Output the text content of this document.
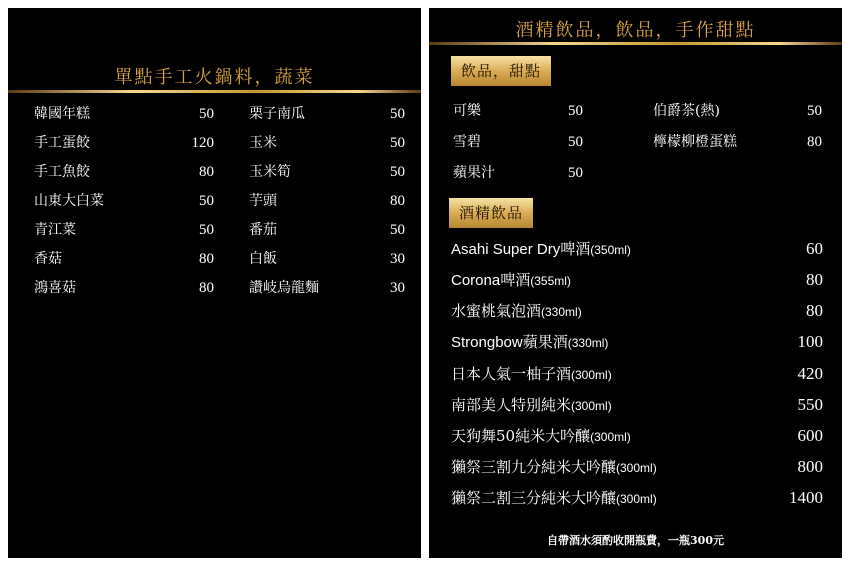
單點手工火鍋料，蔬菜
韓國年糕	50
手工蛋餃	120
手工魚餃	80
山東大白菜	50
青江菜	50
香菇	80
鴻喜菇	80
栗子南瓜	50
玉米	50
玉米筍	50
芋頭	80
番茄	50
白飯	30
讚岐烏龍麵	30
酒精飲品，飲品，手作甜點
飲品，甜點
可樂	50
雪碧	50
蘋果汁	50
伯爵茶(熱)	50
檸檬柳橙蛋糕	80
酒精飲品
Asahi Super Dry啤酒(350ml)	60
Corona啤酒(355ml)	80
水蜜桃氣泡酒(330ml)	80
Strongbow蘋果酒(330ml)	100
日本人氣一柚子酒(300ml)	420
南部美人特別純米(300ml)	550
天狗舞50純米大吟釀(300ml)	600
獺祭三割九分純米大吟釀(300ml)	800
獺祭二割三分純米大吟釀(300ml)	1400
自帶酒水須酌收開瓶費，一瓶300元
